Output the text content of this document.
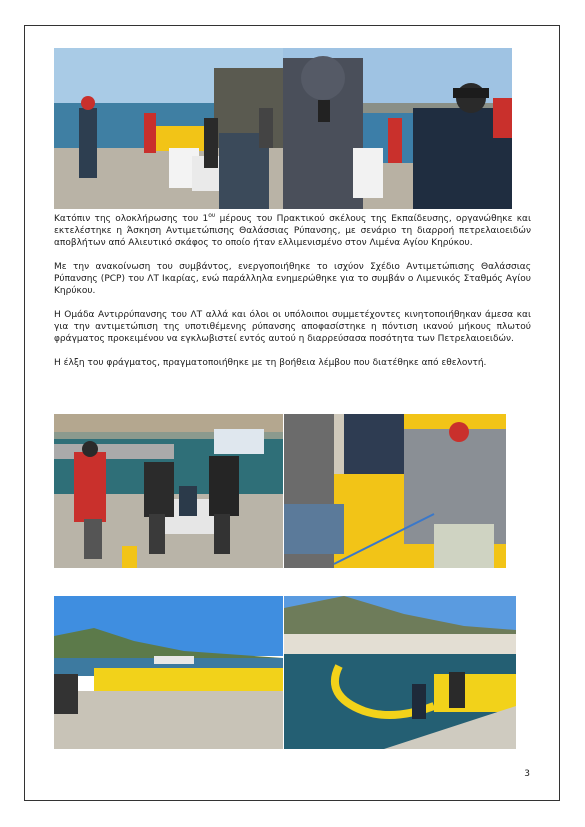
Κατόπιν της ολοκλήρωσης του $1^{o\upsilon}$ μέρους του Πρακτικού σκέλους της Εκπαίδευσης, οργανώθηκε και εκτελέστηκε η Άσκηση Αντιμετώπισης Θαλάσσιας Ρύπανσης, με σενάριο τη διαρροή πετρελαιοειδών αποβλήτων από Αλιευτικό σκάφος το οποίο ήταν ελλιμενισμένο στον Λιμένα Αγίου Κηρύκου.

Με την ανακοίνωση του συμβάντος, ενεργοποιήθηκε το ισχύον Σχέδιο Αντιμετώπισης Θαλάσσιας Ρύπανσης (PCP) του ΛΤ Ικαρίας, ενώ παράλληλα ενημερώθηκε για το συμβάν ο Λιμενικός Σταθμός Αγίου Κηρύκου.

Η Ομάδα Αντιρρύπανσης του ΛΤ αλλά και όλοι οι υπόλοιποι συμμετέχοντες κινητοποιήθηκαν άμεσα και για την αντιμετώπιση της υποτιθέμενης ρύπανσης αποφασίστηκε η πόντιση ικανού μήκους πλωτού φράγματος προκειμένου να εγκλωβιστεί εντός αυτού η διαρρεύσασα ποσότητα των Πετρελαιοειδών.

Η έλξη του φράγματος, πραγματοποιήθηκε με τη βοήθεια λέμβου που διατέθηκε από εθελοντή.

3
